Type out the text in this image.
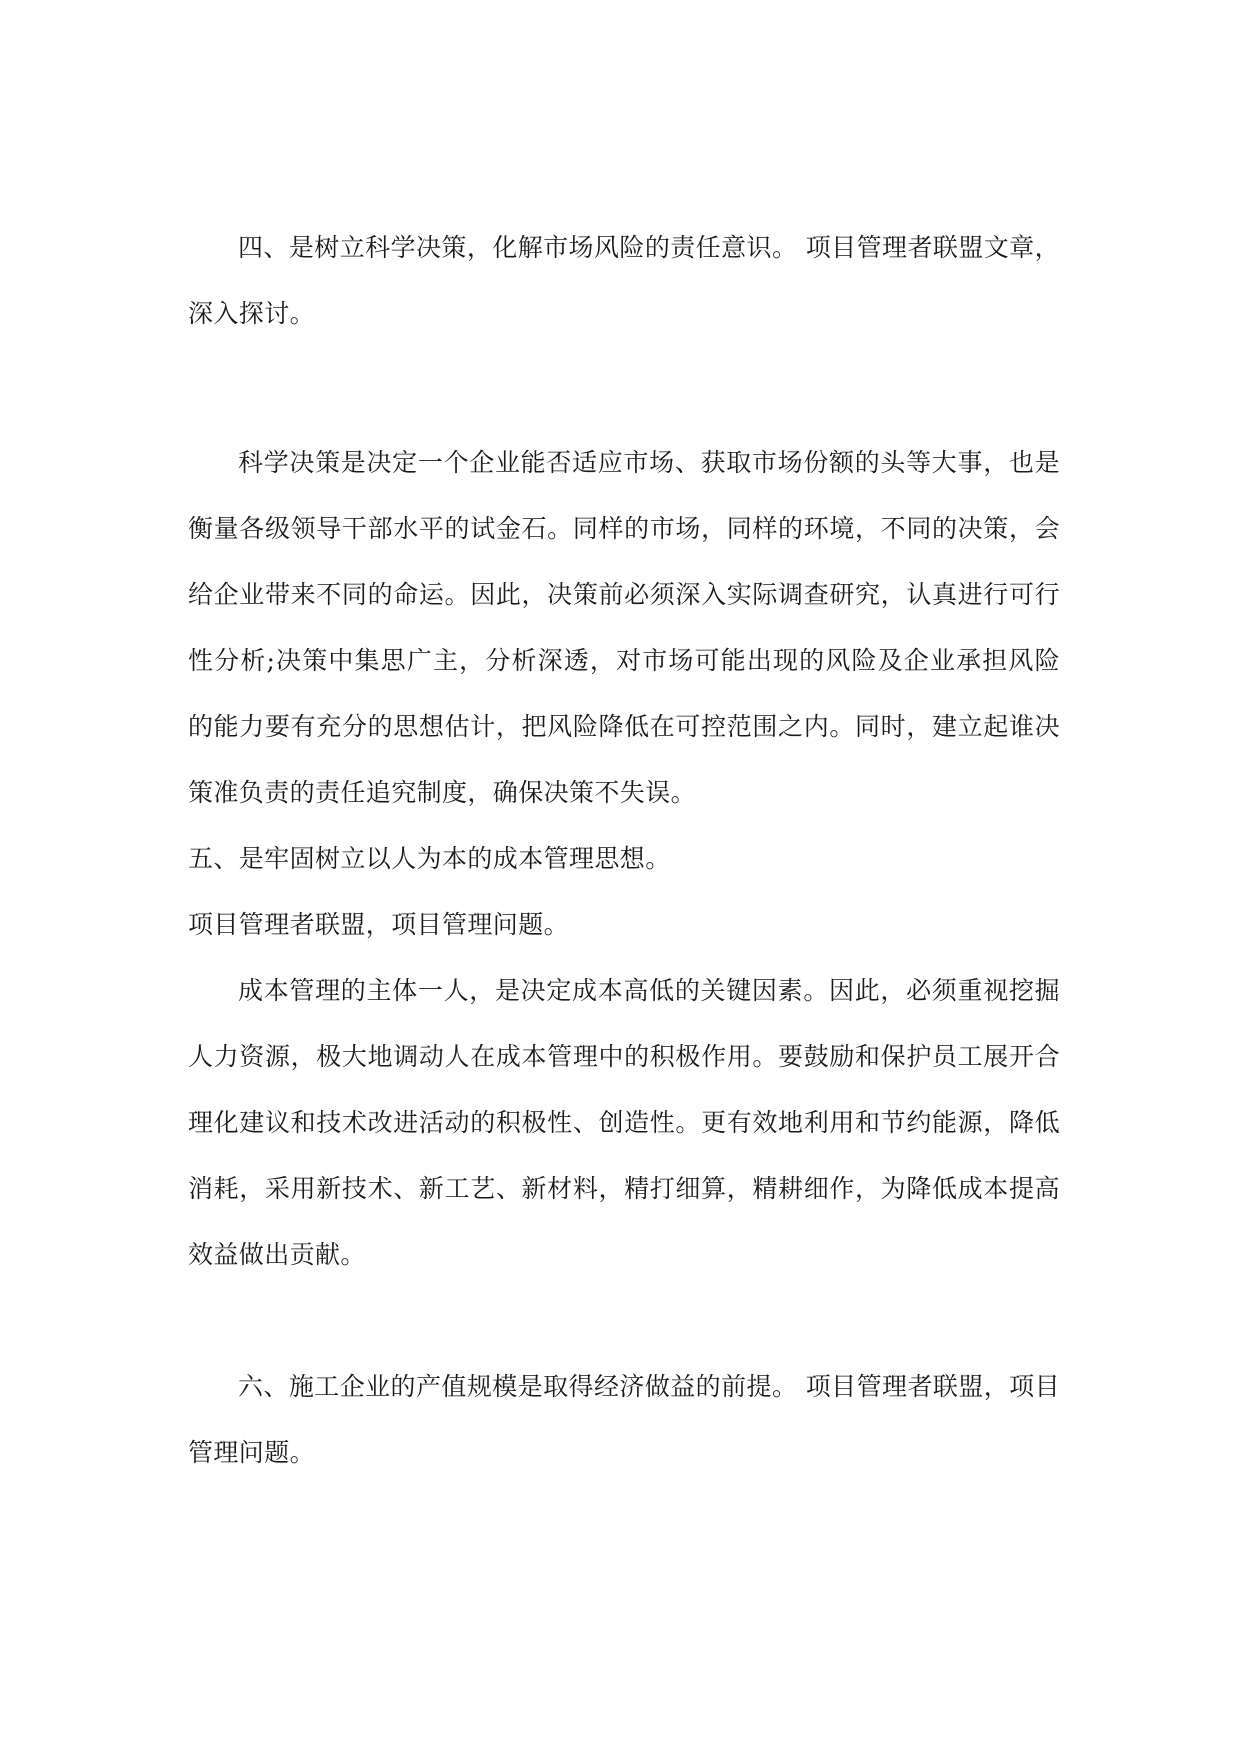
四、是树立科学决策，化解市场风险的责任意识。 项目管理者联盟文章，深入探讨。

科学决策是决定一个企业能否适应市场、获取市场份额的头等大事，也是衡量各级领导干部水平的试金石。同样的市场，同样的环境，不同的决策，会给企业带来不同的命运。因此，决策前必须深入实际调查研究，认真进行可行性分析;决策中集思广主，分析深透，对市场可能出现的风险及企业承担风险的能力要有充分的思想估计，把风险降低在可控范围之内。同时，建立起谁决策准负责的责任追究制度，确保决策不失误。

五、是牢固树立以人为本的成本管理思想。

项目管理者联盟，项目管理问题。

成本管理的主体一人，是决定成本高低的关键因素。因此，必须重视挖掘人力资源，极大地调动人在成本管理中的积极作用。要鼓励和保护员工展开合理化建议和技术改进活动的积极性、创造性。更有效地利用和节约能源，降低消耗，采用新技术、新工艺、新材料，精打细算，精耕细作，为降低成本提高效益做出贡献。

六、施工企业的产值规模是取得经济做益的前提。 项目管理者联盟，项目管理问题。
